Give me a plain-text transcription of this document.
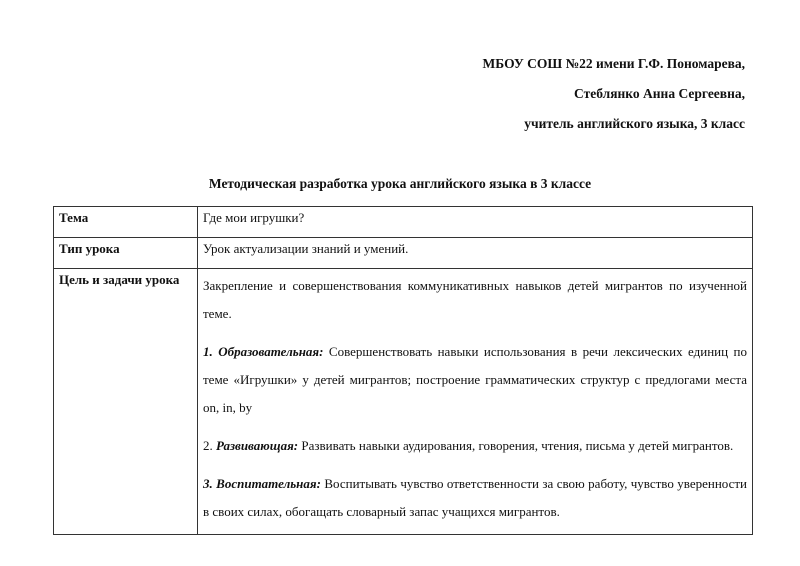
МБОУ СОШ №22 имени Г.Ф. Пономарева,
Стеблянко Анна Сергеевна,
учитель английского языка, 3 класс
Методическая разработка урока английского языка в 3 классе
Тема	Где мои игрушки?
Тип урока	Урок актуализации знаний и умений.
Цель и задачи урока	Закрепление и совершенствования коммуникативных навыков детей мигрантов по изученной теме.

1. Образовательная: Совершенствовать навыки использования в речи лексических единиц по теме «Игрушки» у детей мигрантов; построение грамматических структур с предлогами места on, in, by

2. Развивающая: Развивать навыки аудирования, говорения, чтения, письма у детей мигрантов.

3. Воспитательная: Воспитывать чувство ответственности за свою работу, чувство уверенности в своих силах, обогащать словарный запас учащихся мигрантов.
